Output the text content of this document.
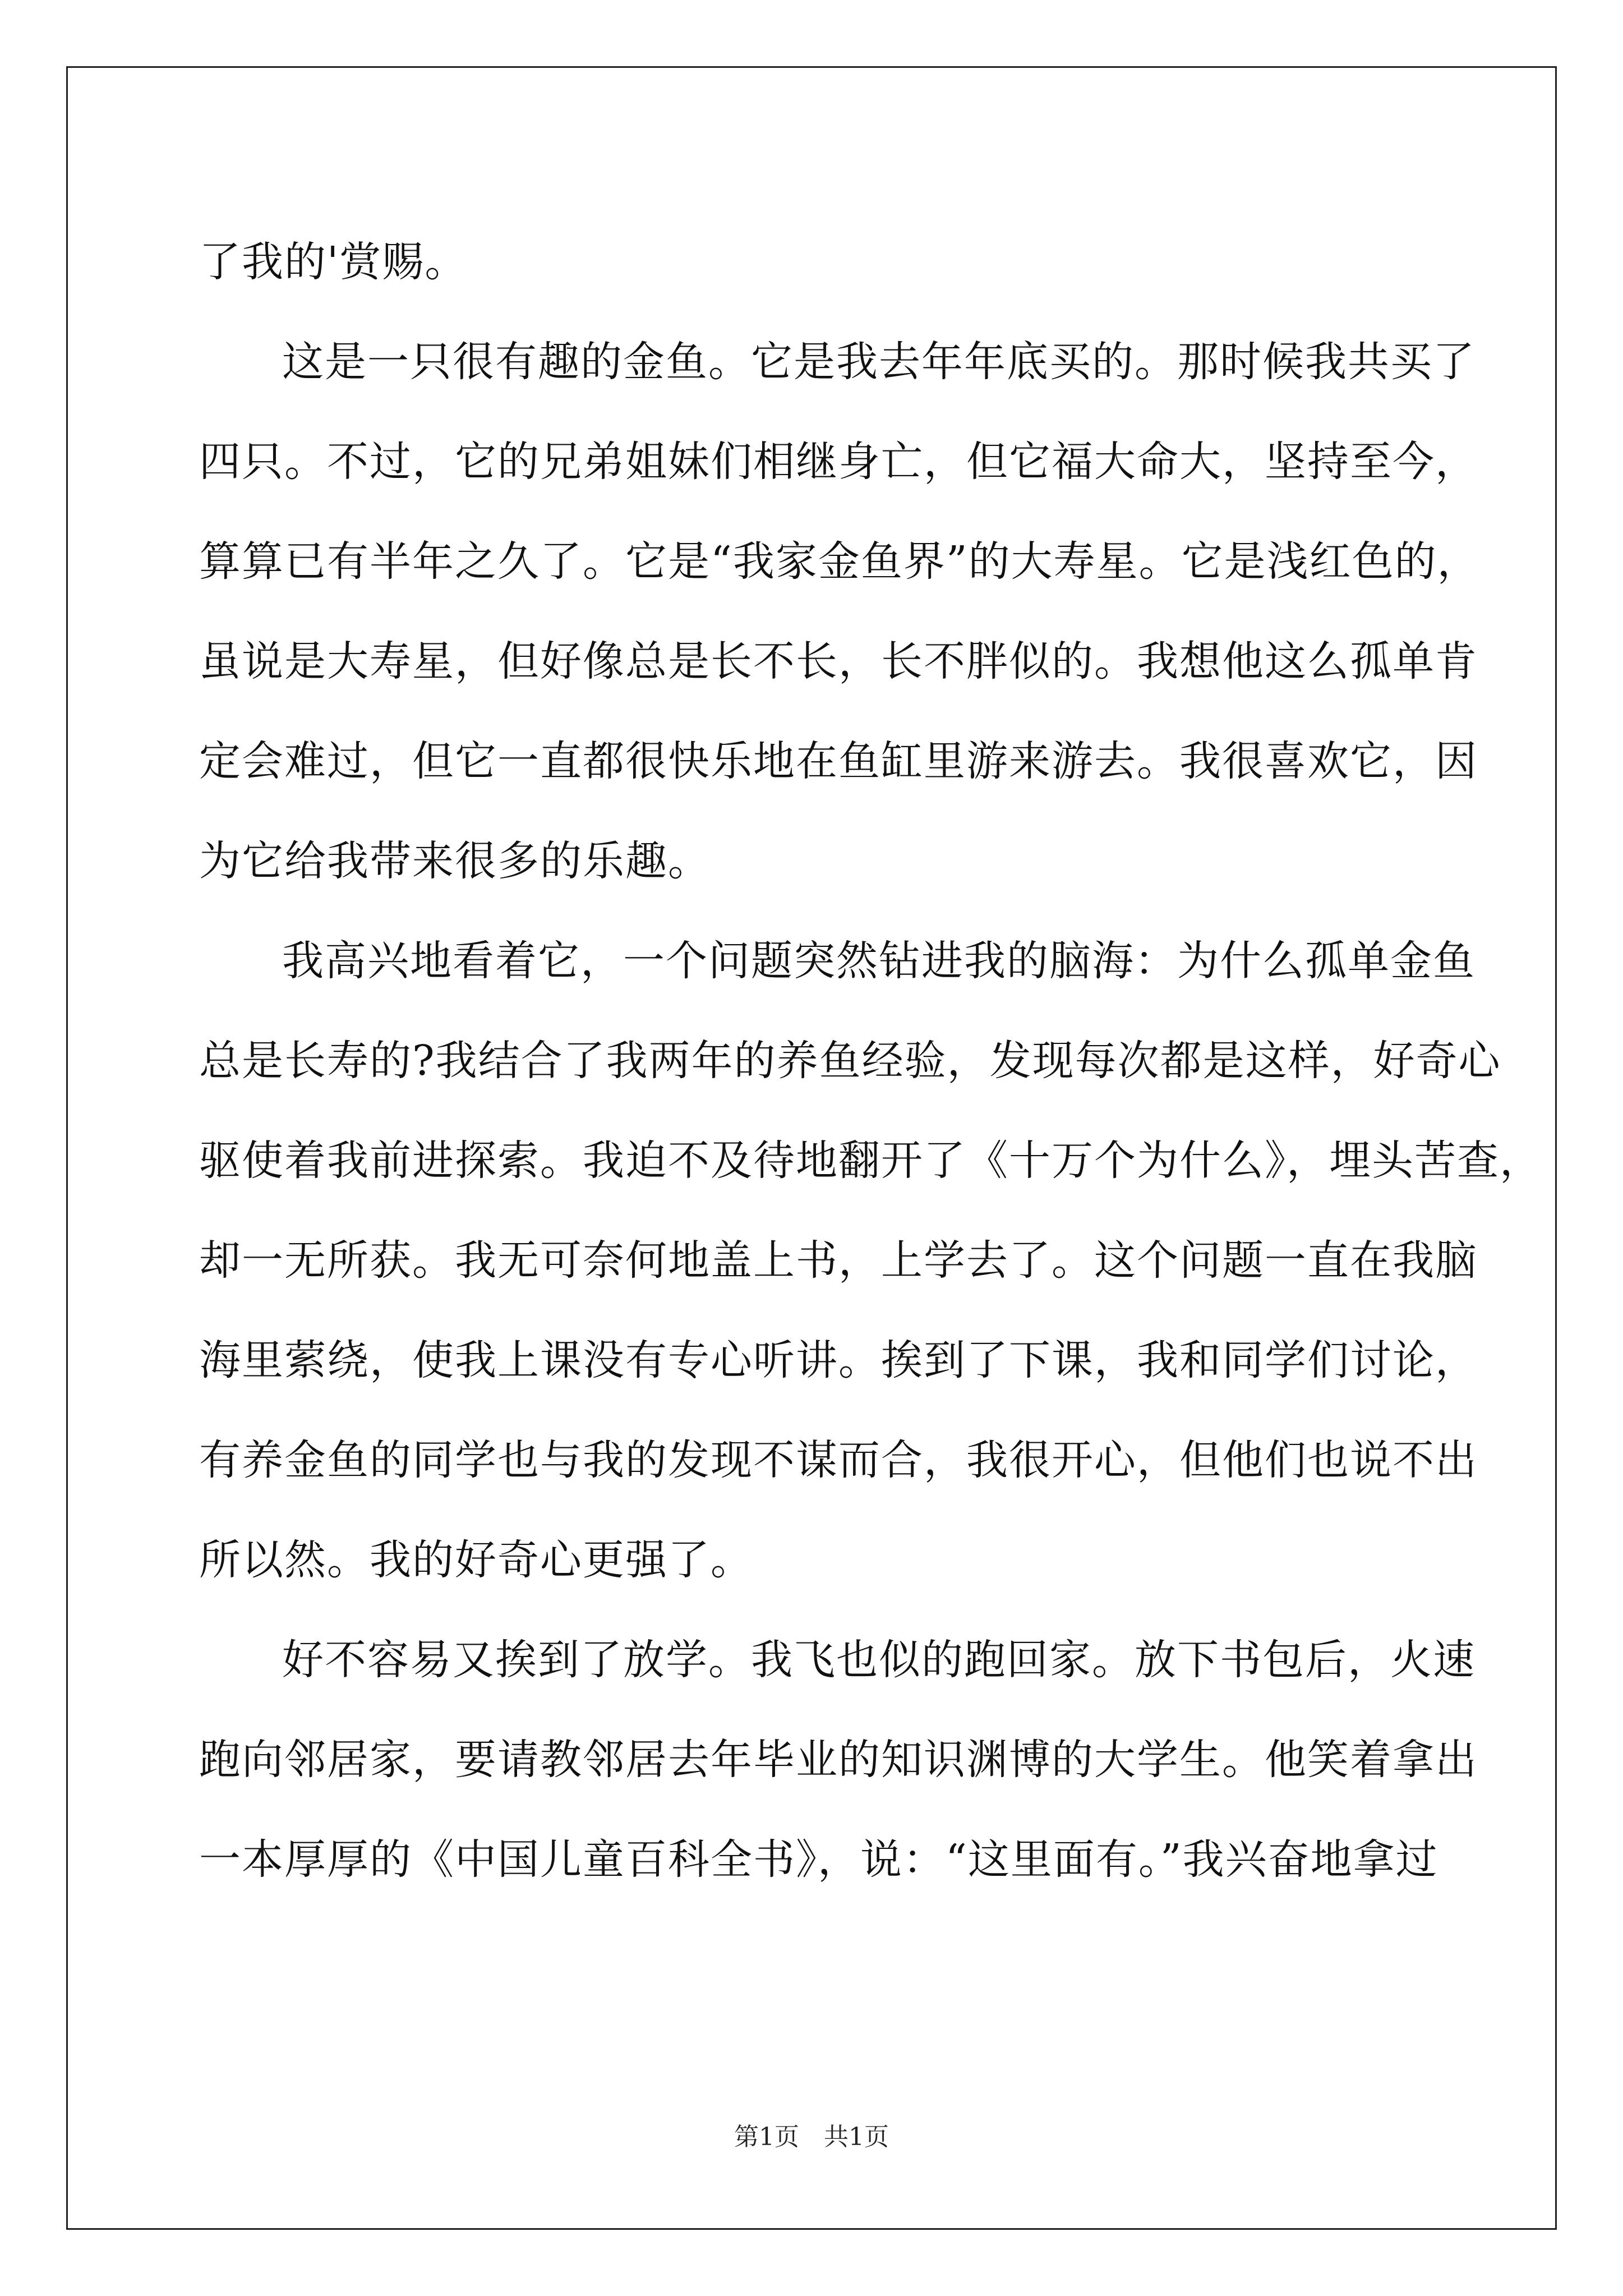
了我的'赏赐。
这是一只很有趣的金鱼。它是我去年年底买的。那时候我共买了
四只。不过，它的兄弟姐妹们相继身亡，但它福大命大，坚持至今，
算算已有半年之久了。它是“我家金鱼界”的大寿星。它是浅红色的，
虽说是大寿星，但好像总是长不长，长不胖似的。我想他这么孤单肯
定会难过，但它一直都很快乐地在鱼缸里游来游去。我很喜欢它，因
为它给我带来很多的乐趣。
我高兴地看着它，一个问题突然钻进我的脑海：为什么孤单金鱼
总是长寿的?我结合了我两年的养鱼经验，发现每次都是这样，好奇心
驱使着我前进探索。我迫不及待地翻开了《十万个为什么》，埋头苦查，
却一无所获。我无可奈何地盖上书，上学去了。这个问题一直在我脑
海里萦绕，使我上课没有专心听讲。挨到了下课，我和同学们讨论，
有养金鱼的同学也与我的发现不谋而合，我很开心，但他们也说不出
所以然。我的好奇心更强了。
好不容易又挨到了放学。我飞也似的跑回家。放下书包后，火速
跑向邻居家，要请教邻居去年毕业的知识渊博的大学生。他笑着拿出
一本厚厚的《中国儿童百科全书》，说：“这里面有。”我兴奋地拿过
第1页　共1页
